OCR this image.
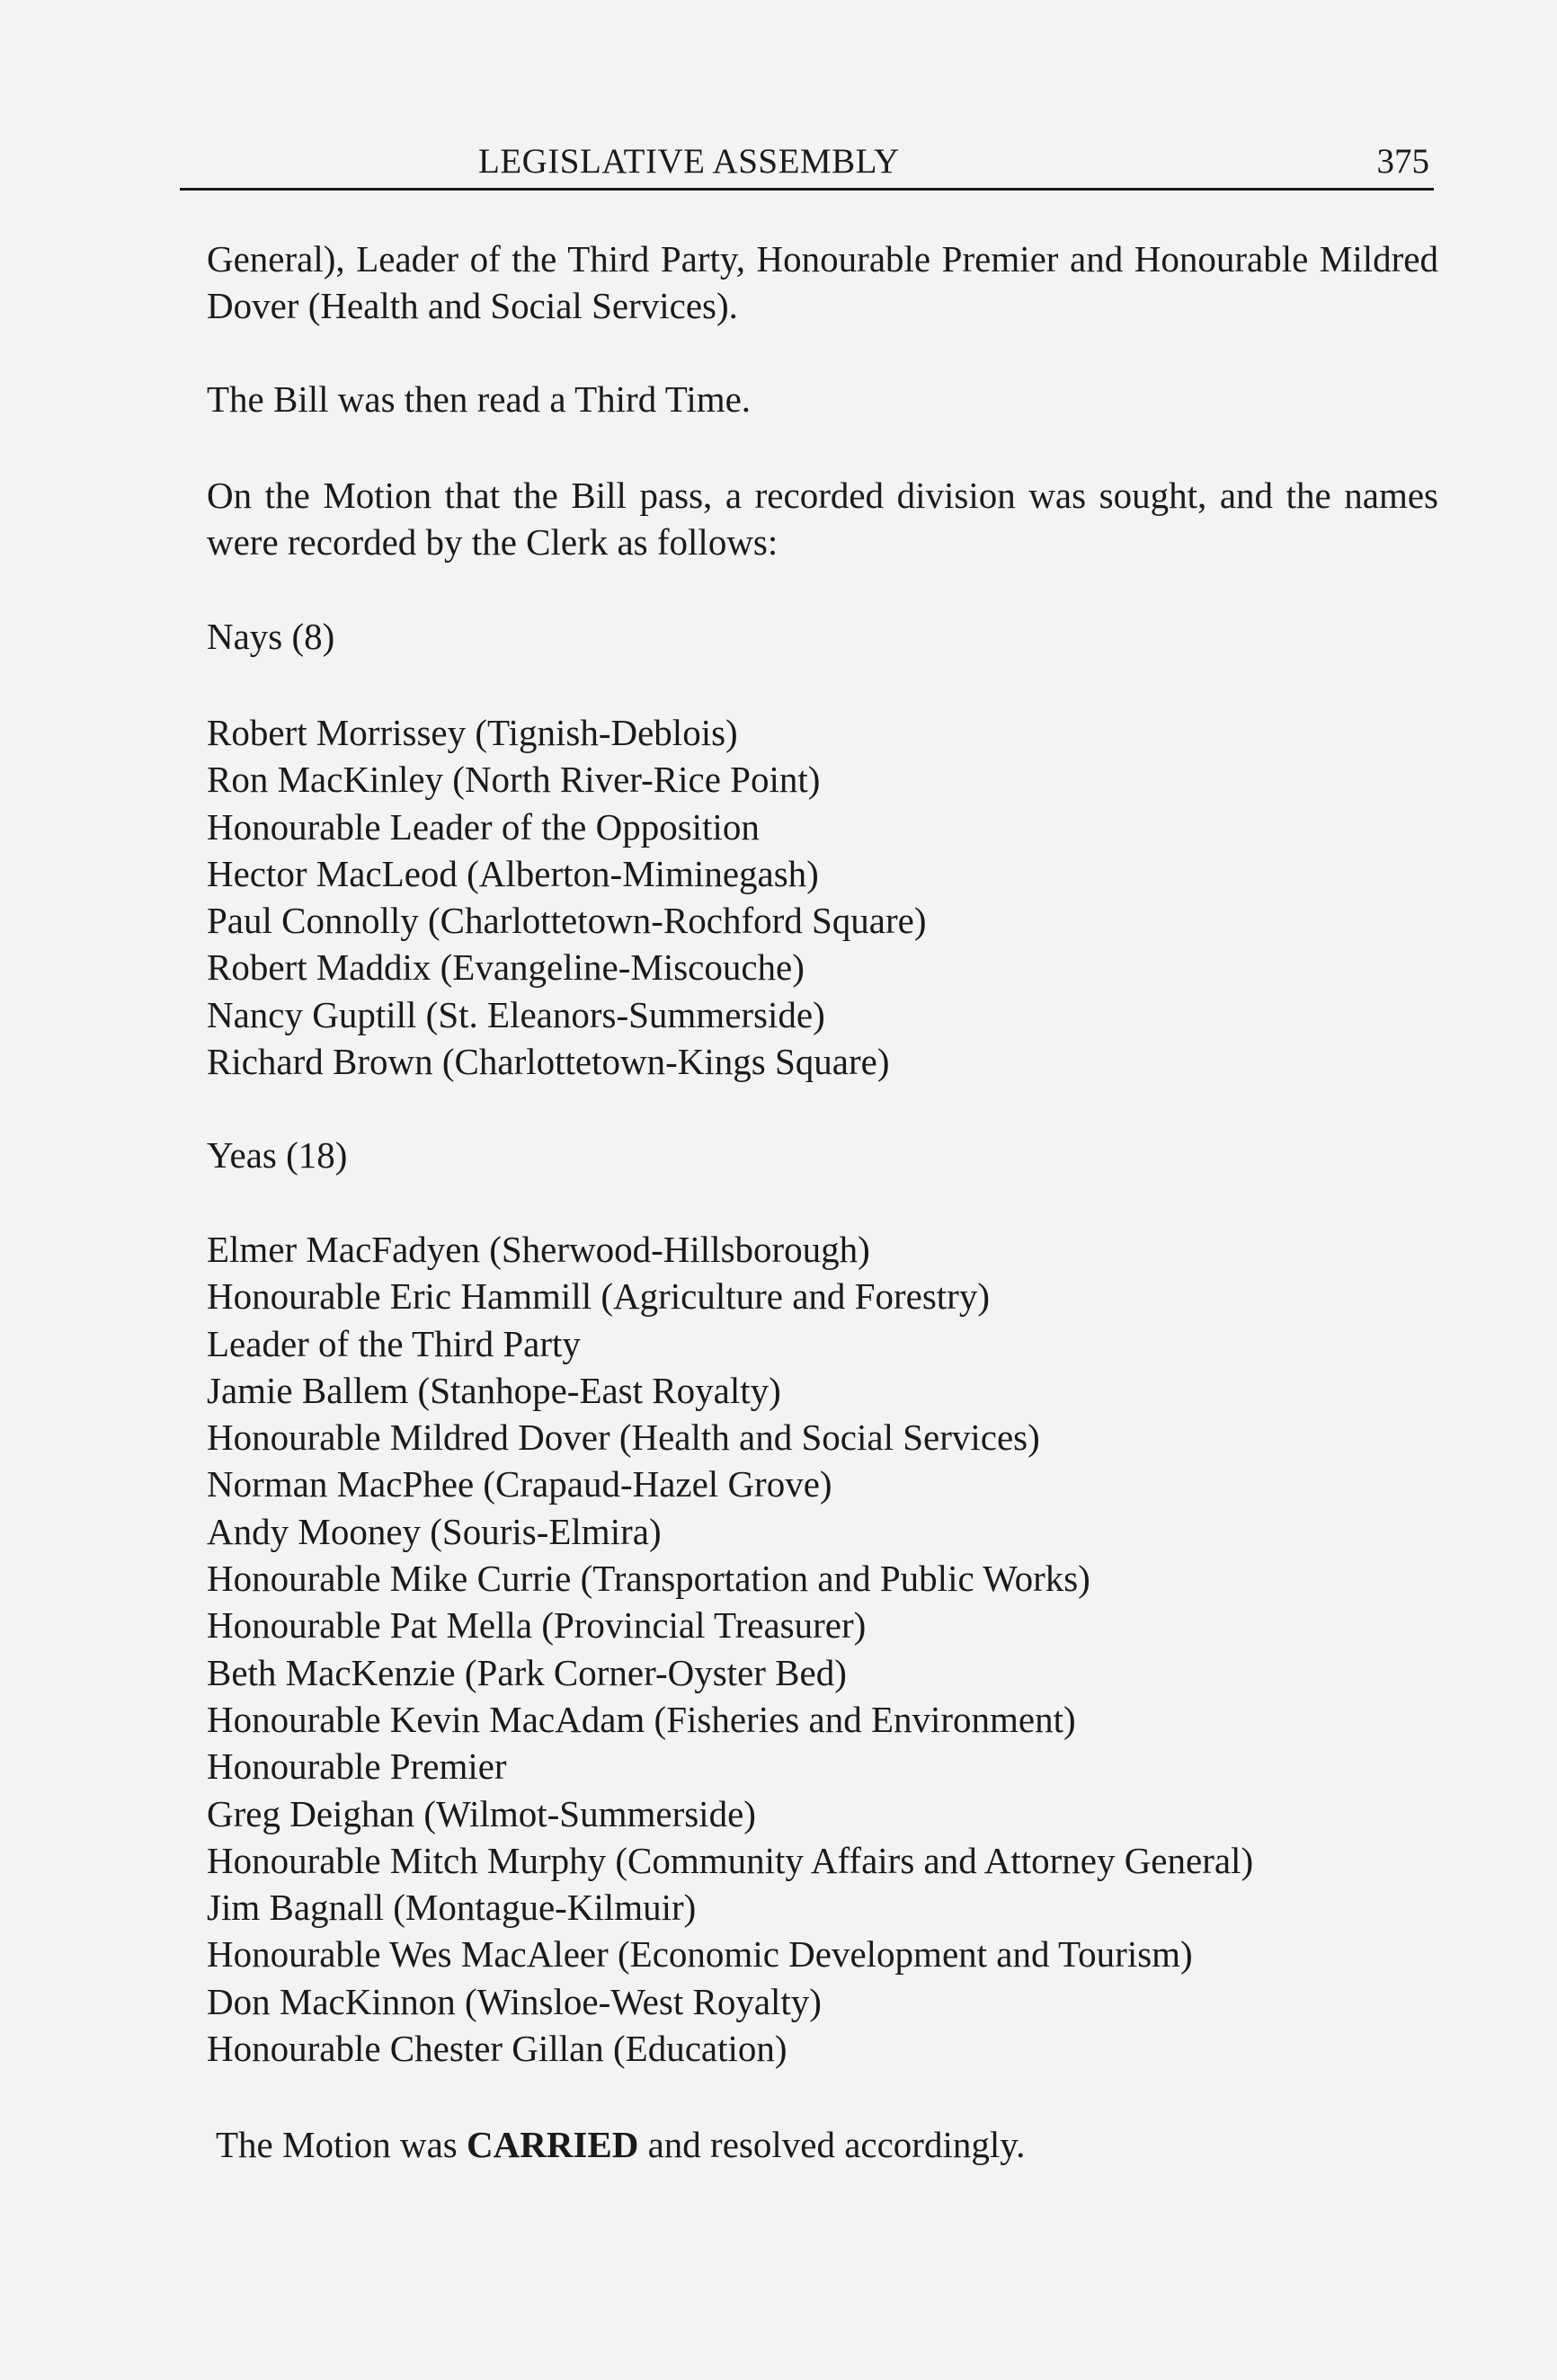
LEGISLATIVE ASSEMBLY	375

General), Leader of the Third Party, Honourable Premier and Honourable Mildred Dover (Health and Social Services).

The Bill was then read a Third Time.

On the Motion that the Bill pass, a recorded division was sought, and the names were recorded by the Clerk as follows:

Nays (8)

Robert Morrissey (Tignish-Deblois)
Ron MacKinley (North River-Rice Point)
Honourable Leader of the Opposition
Hector MacLeod (Alberton-Miminegash)
Paul Connolly (Charlottetown-Rochford Square)
Robert Maddix (Evangeline-Miscouche)
Nancy Guptill (St. Eleanors-Summerside)
Richard Brown (Charlottetown-Kings Square)

Yeas (18)

Elmer MacFadyen (Sherwood-Hillsborough)
Honourable Eric Hammill (Agriculture and Forestry)
Leader of the Third Party
Jamie Ballem (Stanhope-East Royalty)
Honourable Mildred Dover (Health and Social Services)
Norman MacPhee (Crapaud-Hazel Grove)
Andy Mooney (Souris-Elmira)
Honourable Mike Currie (Transportation and Public Works)
Honourable Pat Mella (Provincial Treasurer)
Beth MacKenzie (Park Corner-Oyster Bed)
Honourable Kevin MacAdam (Fisheries and Environment)
Honourable Premier
Greg Deighan (Wilmot-Summerside)
Honourable Mitch Murphy (Community Affairs and Attorney General)
Jim Bagnall (Montague-Kilmuir)
Honourable Wes MacAleer (Economic Development and Tourism)
Don MacKinnon (Winsloe-West Royalty)
Honourable Chester Gillan (Education)

The Motion was CARRIED and resolved accordingly.
